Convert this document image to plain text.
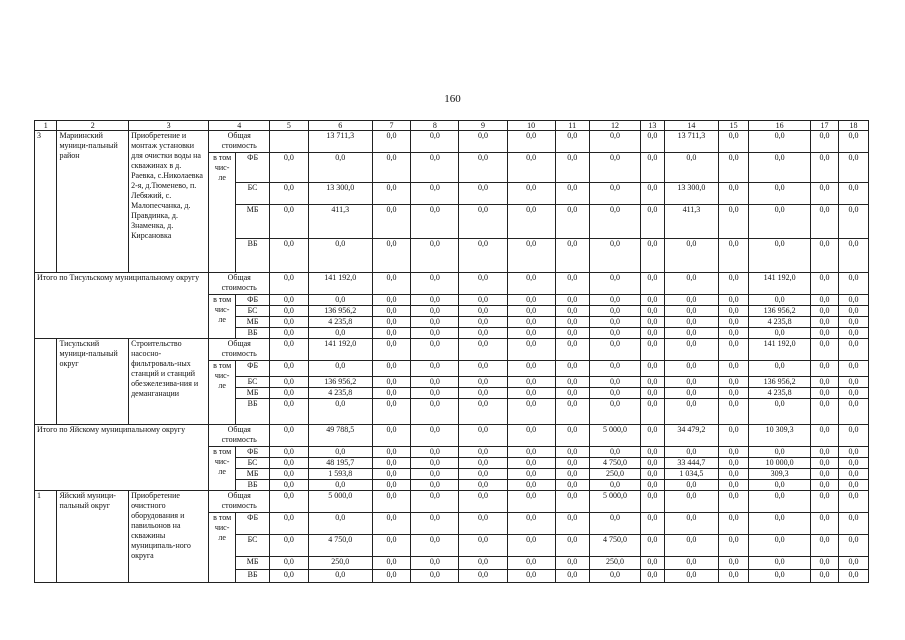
160
1	2	3	4		5	6	7	8	9	10	11	12	13	14	15	16	17	18
3	Мариинский муници-пальный район	Приобретение и монтаж установки для очистки воды на скважинах в д. Раевка, с.Николаевка 2-я, д.Тюменево, п. Лебяжий, с. Малопесчанка, д. Правдинка, д. Знаменка, д. Кирсановка	Общая стоимость			13 711,3	0,0	0,0	0,0	0,0	0,0	0,0	0,0	13 711,3	0,0	0,0	0,0	0,0
			в том чис-ле	ФБ	0,0	0,0	0,0	0,0	0,0	0,0	0,0	0,0	0,0	0,0	0,0	0,0	0,0	0,0
				БС	0,0	13 300,0	0,0	0,0	0,0	0,0	0,0	0,0	0,0	13 300,0	0,0	0,0	0,0	0,0
				МБ	0,0	411,3	0,0	0,0	0,0	0,0	0,0	0,0	0,0	411,3	0,0	0,0	0,0	0,0
				ВБ	0,0	0,0	0,0	0,0	0,0	0,0	0,0	0,0	0,0	0,0	0,0	0,0	0,0	0,0
Итого по Тисульскому муниципальному округу			Общая стоимость		0,0	141 192,0	0,0	0,0	0,0	0,0	0,0	0,0	0,0	0,0	0,0	141 192,0	0,0	0,0
			в том чис-ле	ФБ	0,0	0,0	0,0	0,0	0,0	0,0	0,0	0,0	0,0	0,0	0,0	0,0	0,0	0,0
				БС	0,0	136 956,2	0,0	0,0	0,0	0,0	0,0	0,0	0,0	0,0	0,0	136 956,2	0,0	0,0
				МБ	0,0	4 235,8	0,0	0,0	0,0	0,0	0,0	0,0	0,0	0,0	0,0	4 235,8	0,0	0,0
				ВБ	0,0	0,0	0,0	0,0	0,0	0,0	0,0	0,0	0,0	0,0	0,0	0,0	0,0	0,0
	Тисульский муници-пальный округ	Строительство насосно-фильтроваль-ных станций и станций обезжелезива-ния и деманганации	Общая стоимость		0,0	141 192,0	0,0	0,0	0,0	0,0	0,0	0,0	0,0	0,0	0,0	141 192,0	0,0	0,0
			в том чис-ле	ФБ	0,0	0,0	0,0	0,0	0,0	0,0	0,0	0,0	0,0	0,0	0,0	0,0	0,0	0,0
				БС	0,0	136 956,2	0,0	0,0	0,0	0,0	0,0	0,0	0,0	0,0	0,0	136 956,2	0,0	0,0
				МБ	0,0	4 235,8	0,0	0,0	0,0	0,0	0,0	0,0	0,0	0,0	0,0	4 235,8	0,0	0,0
				ВБ	0,0	0,0	0,0	0,0	0,0	0,0	0,0	0,0	0,0	0,0	0,0	0,0	0,0	0,0
Итого по Яйскому муниципальному округу			Общая стоимость		0,0	49 788,5	0,0	0,0	0,0	0,0	0,0	5 000,0	0,0	34 479,2	0,0	10 309,3	0,0	0,0
			в том чис-ле	ФБ	0,0	0,0	0,0	0,0	0,0	0,0	0,0	0,0	0,0	0,0	0,0	0,0	0,0	0,0
				БС	0,0	48 195,7	0,0	0,0	0,0	0,0	0,0	4 750,0	0,0	33 444,7	0,0	10 000,0	0,0	0,0
				МБ	0,0	1 593,8	0,0	0,0	0,0	0,0	0,0	250,0	0,0	1 034,5	0,0	309,3	0,0	0,0
				ВБ	0,0	0,0	0,0	0,0	0,0	0,0	0,0	0,0	0,0	0,0	0,0	0,0	0,0	0,0
1	Яйский муници-пальный округ	Приобретение очистного оборудования и павильонов на скважины муниципаль-ного округа	Общая стоимость		0,0	5 000,0	0,0	0,0	0,0	0,0	0,0	5 000,0	0,0	0,0	0,0	0,0	0,0	0,0
			в том чис-ле	ФБ	0,0	0,0	0,0	0,0	0,0	0,0	0,0	0,0	0,0	0,0	0,0	0,0	0,0	0,0
				БС	0,0	4 750,0	0,0	0,0	0,0	0,0	0,0	4 750,0	0,0	0,0	0,0	0,0	0,0	0,0
				МБ	0,0	250,0	0,0	0,0	0,0	0,0	0,0	250,0	0,0	0,0	0,0	0,0	0,0	0,0
				ВБ	0,0	0,0	0,0	0,0	0,0	0,0	0,0	0,0	0,0	0,0	0,0	0,0	0,0	0,0
